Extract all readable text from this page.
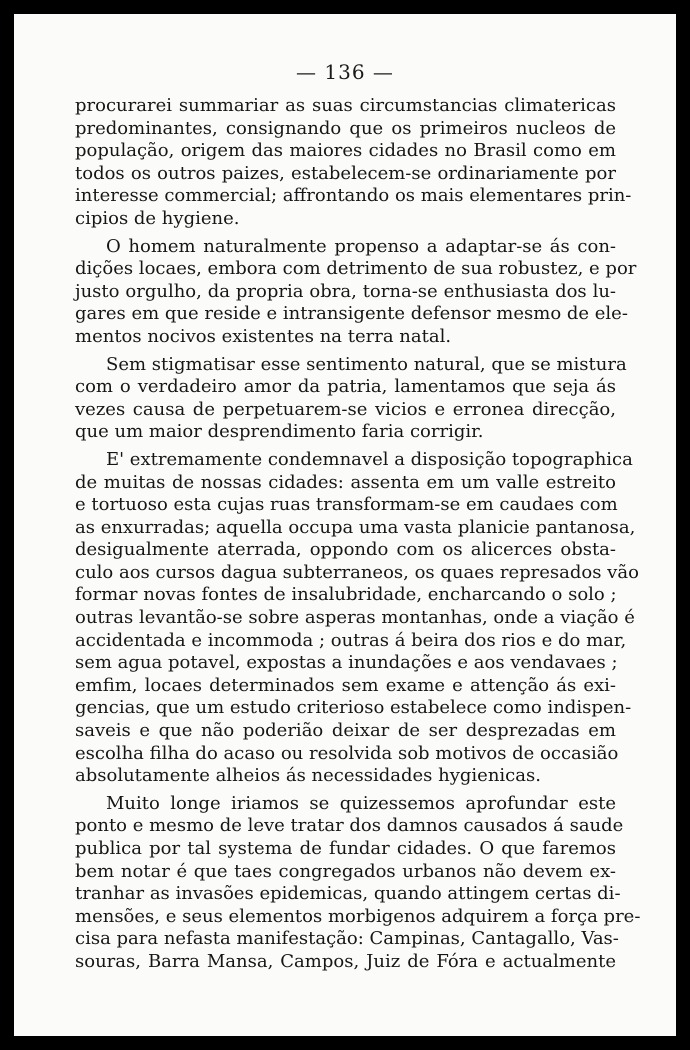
— 136 —

procurarei summariar as suas circumstancias climatericas
predominantes, consignando que os primeiros nucleos de
população, origem das maiores cidades no Brasil como em
todos os outros paizes, estabelecem-se ordinariamente por
interesse commercial; affrontando os mais elementares prin-
cipios de hygiene.

O homem naturalmente propenso a adaptar-se ás con-
dições locaes, embora com detrimento de sua robustez, e por
justo orgulho, da propria obra, torna-se enthusiasta dos lu-
gares em que reside e intransigente defensor mesmo de ele-
mentos nocivos existentes na terra natal.

Sem stigmatisar esse sentimento natural, que se mistura
com o verdadeiro amor da patria, lamentamos que seja ás
vezes causa de perpetuarem-se vicios e erronea direcção,
que um maior desprendimento faria corrigir.

E' extremamente condemnavel a disposição topographica
de muitas de nossas cidades: assenta em um valle estreito
e tortuoso esta cujas ruas transformam-se em caudaes com
as enxurradas; aquella occupa uma vasta planicie pantanosa,
desigualmente aterrada, oppondo com os alicerces obsta-
culo aos cursos dagua subterraneos, os quaes represados vão
formar novas fontes de insalubridade, encharcando o solo ;
outras levantão-se sobre asperas montanhas, onde a viação é
accidentada e incommoda ; outras á beira dos rios e do mar,
sem agua potavel, expostas a inundações e aos vendavaes ;
emfim, locaes determinados sem exame e attenção ás exi-
gencias, que um estudo criterioso estabelece como indispen-
saveis e que não poderião deixar de ser desprezadas em
escolha filha do acaso ou resolvida sob motivos de occasião
absolutamente alheios ás necessidades hygienicas.

Muito longe iriamos se quizessemos aprofundar este
ponto e mesmo de leve tratar dos damnos causados á saude
publica por tal systema de fundar cidades. O que faremos
bem notar é que taes congregados urbanos não devem ex-
tranhar as invasões epidemicas, quando attingem certas di-
mensões, e seus elementos morbigenos adquirem a força pre-
cisa para nefasta manifestação: Campinas, Cantagallo, Vas-
souras, Barra Mansa, Campos, Juiz de Fóra e actualmente
